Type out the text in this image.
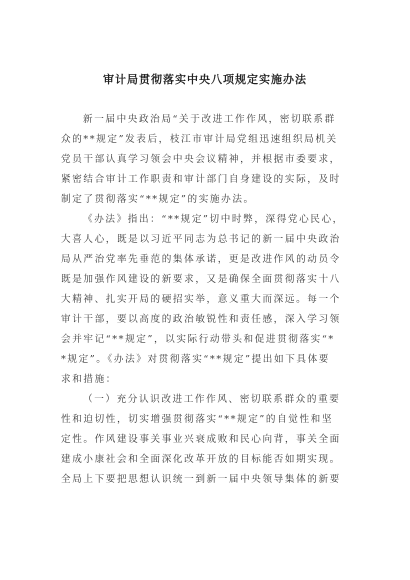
审计局贯彻落实中央八项规定实施办法
新一届中央政治局“关于改进工作作风，密切联系群
众的**规定”发表后，枝江市审计局党组迅速组织局机关
党员干部认真学习领会中央会议精神，并根据市委要求，
紧密结合审计工作职责和审计部门自身建设的实际，及时
制定了贯彻落实“**规定”的实施办法。
《办法》指出：“**规定”切中时弊，深得党心民心，
大喜人心，既是以习近平同志为总书记的新一届中央政治
局从严治党率先垂范的集体承诺，更是改进作风的动员令
既是加强作风建设的新要求，又是确保全面贯彻落实十八
大精神、扎实开局的硬招实举，意义重大而深远。每一个
审计干部，要以高度的政治敏锐性和责任感，深入学习领
会并牢记“**规定”，以实际行动带头和促进贯彻落实“*
*规定”。《办法》对贯彻落实“**规定”提出如下具体要
求和措施：
（一）充分认识改进工作作风、密切联系群众的重要
性和迫切性，切实增强贯彻落实“**规定”的自觉性和坚
定性。作风建设事关事业兴衰成败和民心向背，事关全面
建成小康社会和全面深化改革开放的目标能否如期实现。
全局上下要把思想认识统一到新一届中央领导集体的新要
